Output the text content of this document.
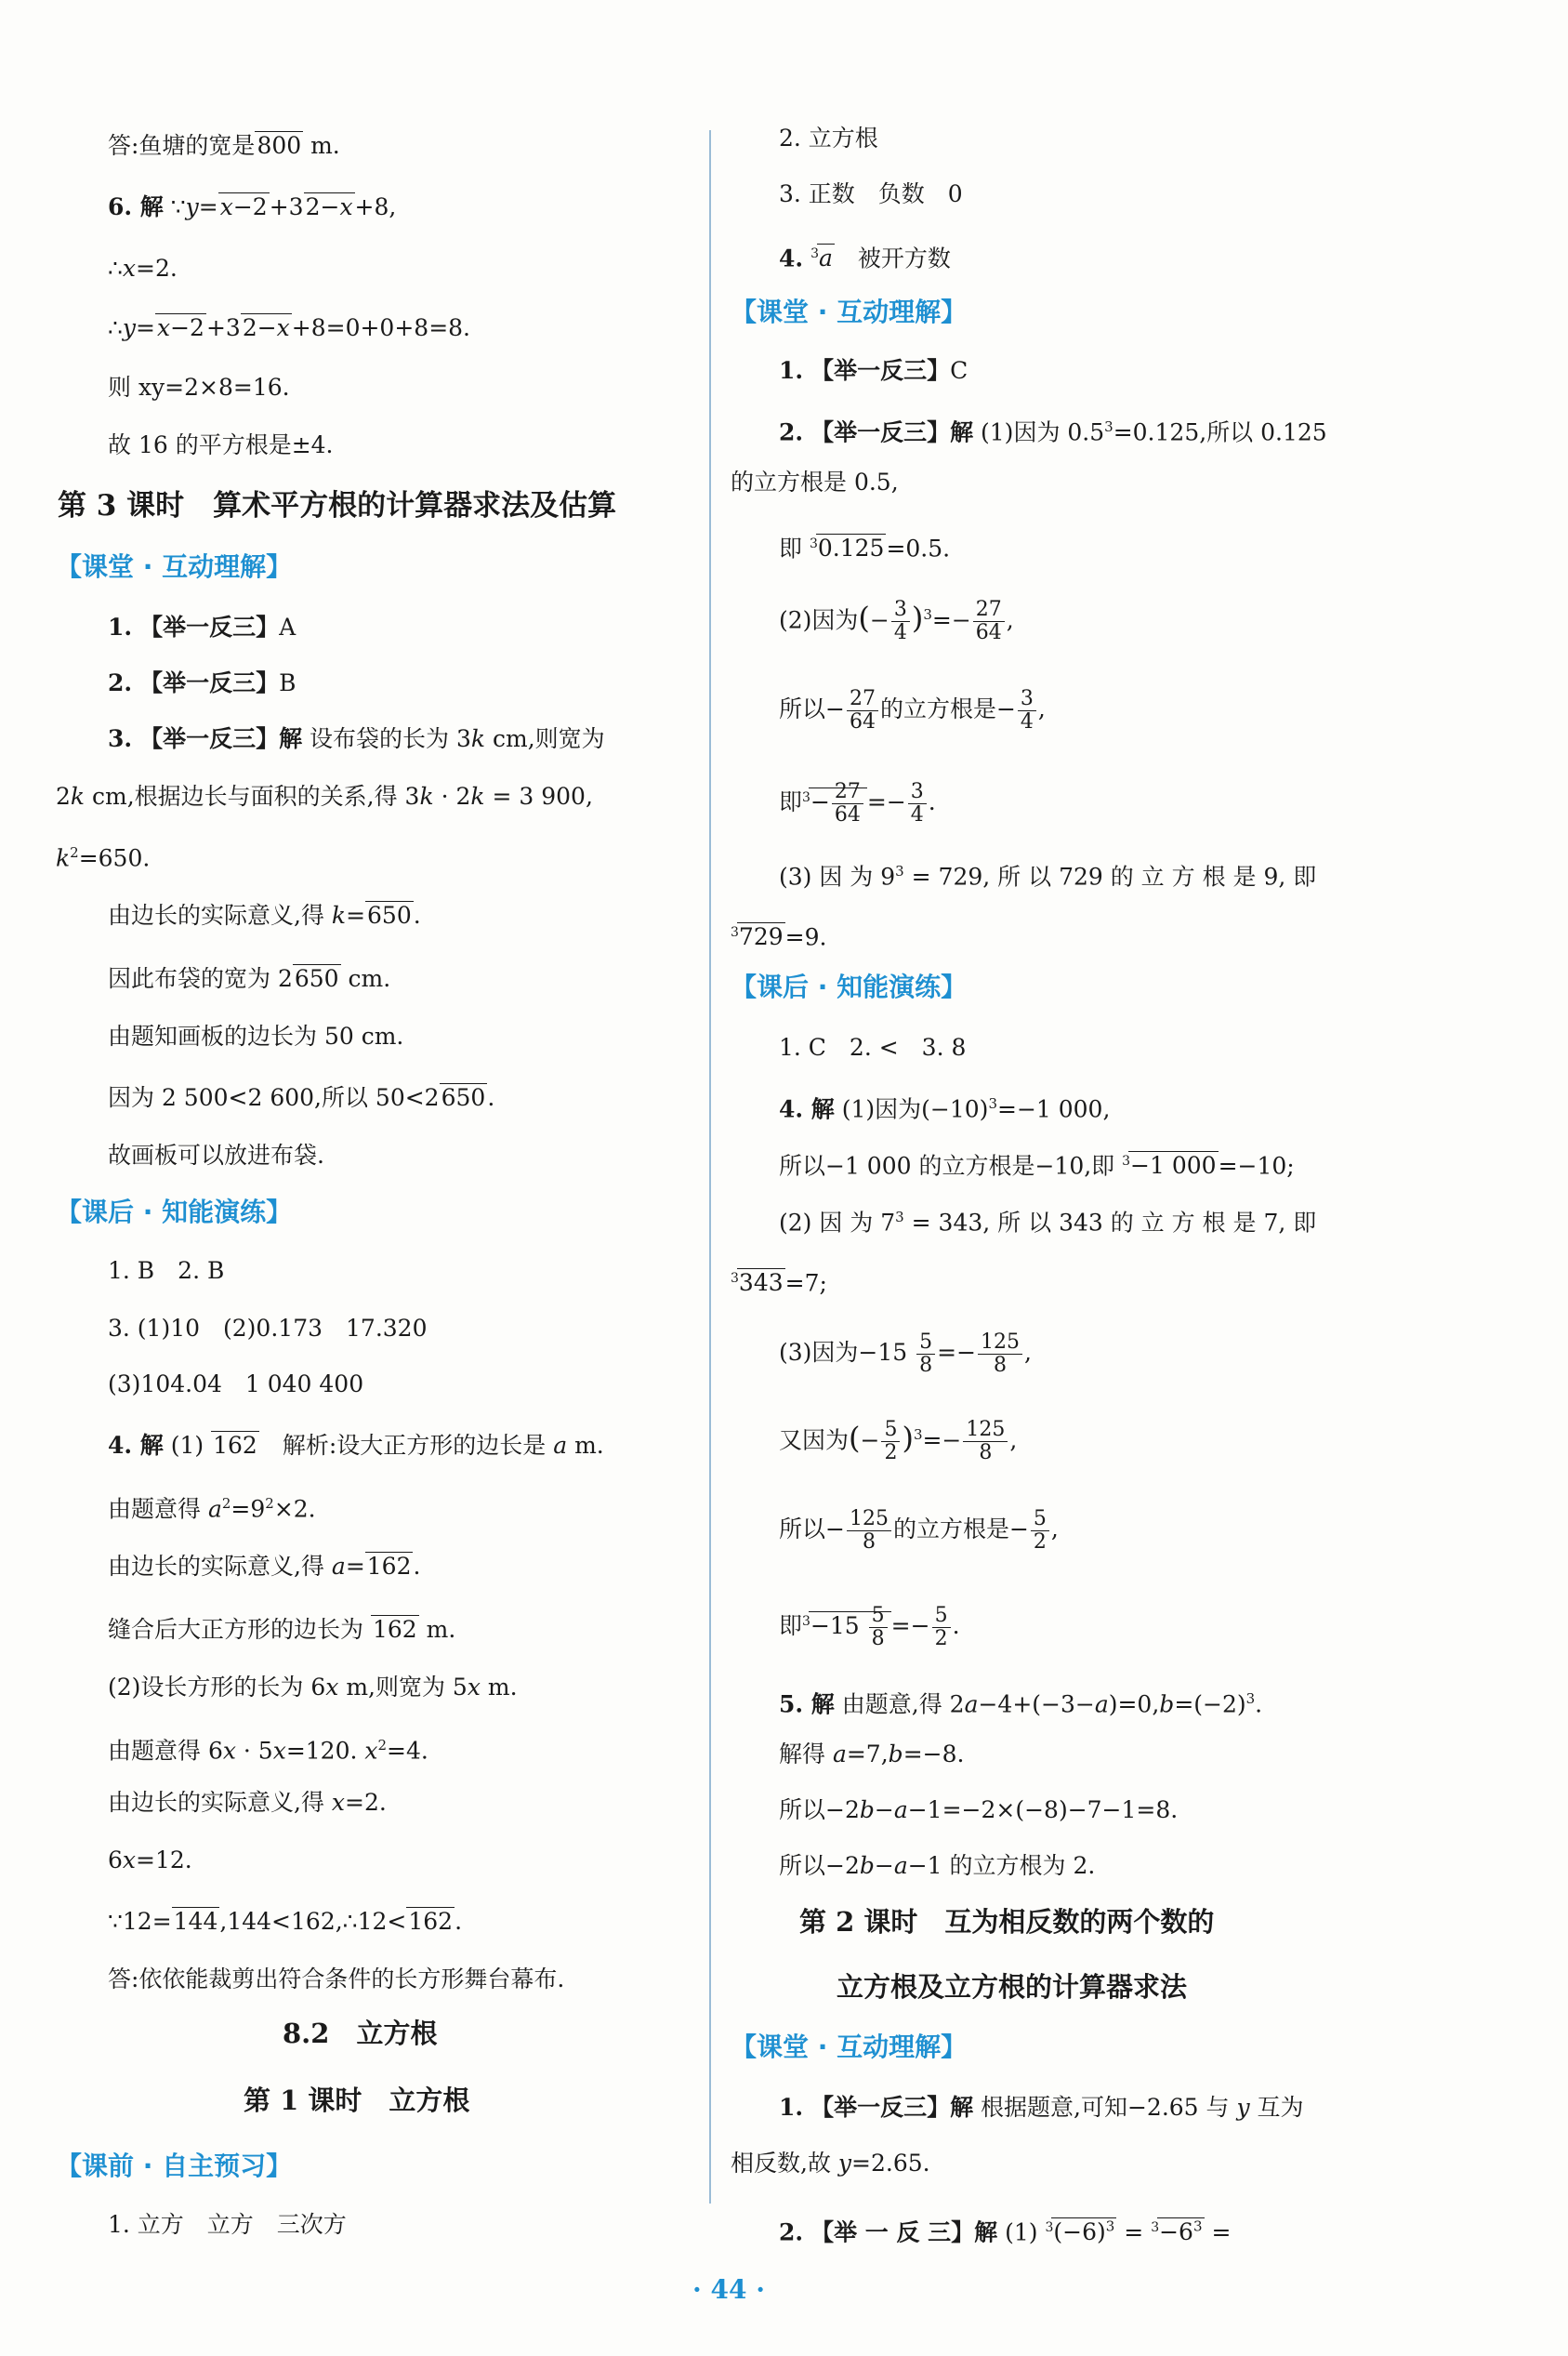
答:鱼塘的宽是800 m.
6. 解 ∵y=x−2+32−x+8,
∴x=2.
∴y=x−2+32−x+8=0+0+8=8.
则 xy=2×8=16.
故 16 的平方根是±4.
第 3 课时　算术平方根的计算器求法及估算
【课堂 · 互动理解】
1. 【举一反三】A
2. 【举一反三】B
3. 【举一反三】解 设布袋的长为 3k cm,则宽为
2k cm,根据边长与面积的关系,得 3k · 2k = 3 900,
$k^2=650$.
由边长的实际意义,得 k=650.
因此布袋的宽为 2650 cm.
由题知画板的边长为 50 cm.
因为 2 500<2 600,所以 50<2650.
故画板可以放进布袋.
【课后 · 知能演练】
1. B　2. B
3. (1)10　(2)0.173　17.320
(3)104.04　1 040 400
4. 解 (1) 162　解析:设大正方形的边长是 a m.
由题意得 $a^2=9^2\times 2$.
由边长的实际意义,得 a=162.
缝合后大正方形的边长为 162 m.
(2)设长方形的长为 6x m,则宽为 5x m.
由题意得 6x · 5x=120. $x^2=4$.
由边长的实际意义,得 x=2.
6x=12.
∵12=144,144<162,∴12<162.
答:依依能裁剪出符合条件的长方形舞台幕布.
8.2　立方根
第 1 课时　立方根
【课前 · 自主预习】
1. 立方　立方　三次方
2. 立方根
3. 正数　负数　0
4. $^3$a　被开方数
【课堂 · 互动理解】
1. 【举一反三】C
2. 【举一反三】解 (1)因为 $0.5^3=0.125$,所以 0.125
的立方根是 0.5,
即 $^3$0.125=0.5.
(2)因为(− $\frac{3}{4} )^3=- \frac{27}{64}$ ,
所以− $\frac{27}{64}$ 的立方根是− $\frac{3}{4}$ ,
即$^3- \frac{27}{64} =- \frac{3}{4}$ .
(3) 因 为 $9^3 = 729$, 所 以 729 的 立 方 根 是 9, 即
$^3$729=9.
【课后 · 知能演练】
1. C　2. <　3. 8
4. 解 (1)因为$(-10)^3=-1$ 000,
所以−1 000 的立方根是−10,即 $^3$−1 000=−10;
(2) 因 为 $7^3 = 343$, 所 以 343 的 立 方 根 是 7, 即
$^3$343=7;
(3)因为$-15 \frac{5}{8} =- \frac{125}{8}$ ,
又因为(− $\frac{5}{2} )^3=- \frac{125}{8}$ ,
所以− $\frac{125}{8}$ 的立方根是− $\frac{5}{2}$ ,
即$^3-15 \frac{5}{8} =- \frac{5}{2}$ .
5. 解 由题意,得 $2a-4+(-3-a)=0,b=(-2)^3$.
解得 a=7,b=−8.
所以−2b−a−1=−2×(−8)−7−1=8.
所以−2b−a−1 的立方根为 2.
第 2 课时　互为相反数的两个数的
立方根及立方根的计算器求法
【课堂 · 互动理解】
1. 【举一反三】解 根据题意,可知−2.65 与 y 互为
相反数,故 y=2.65.
2. 【举 一 反 三】解 (1) $^3(-6)^3 = ^3-6^3$ =
· 44 ·
